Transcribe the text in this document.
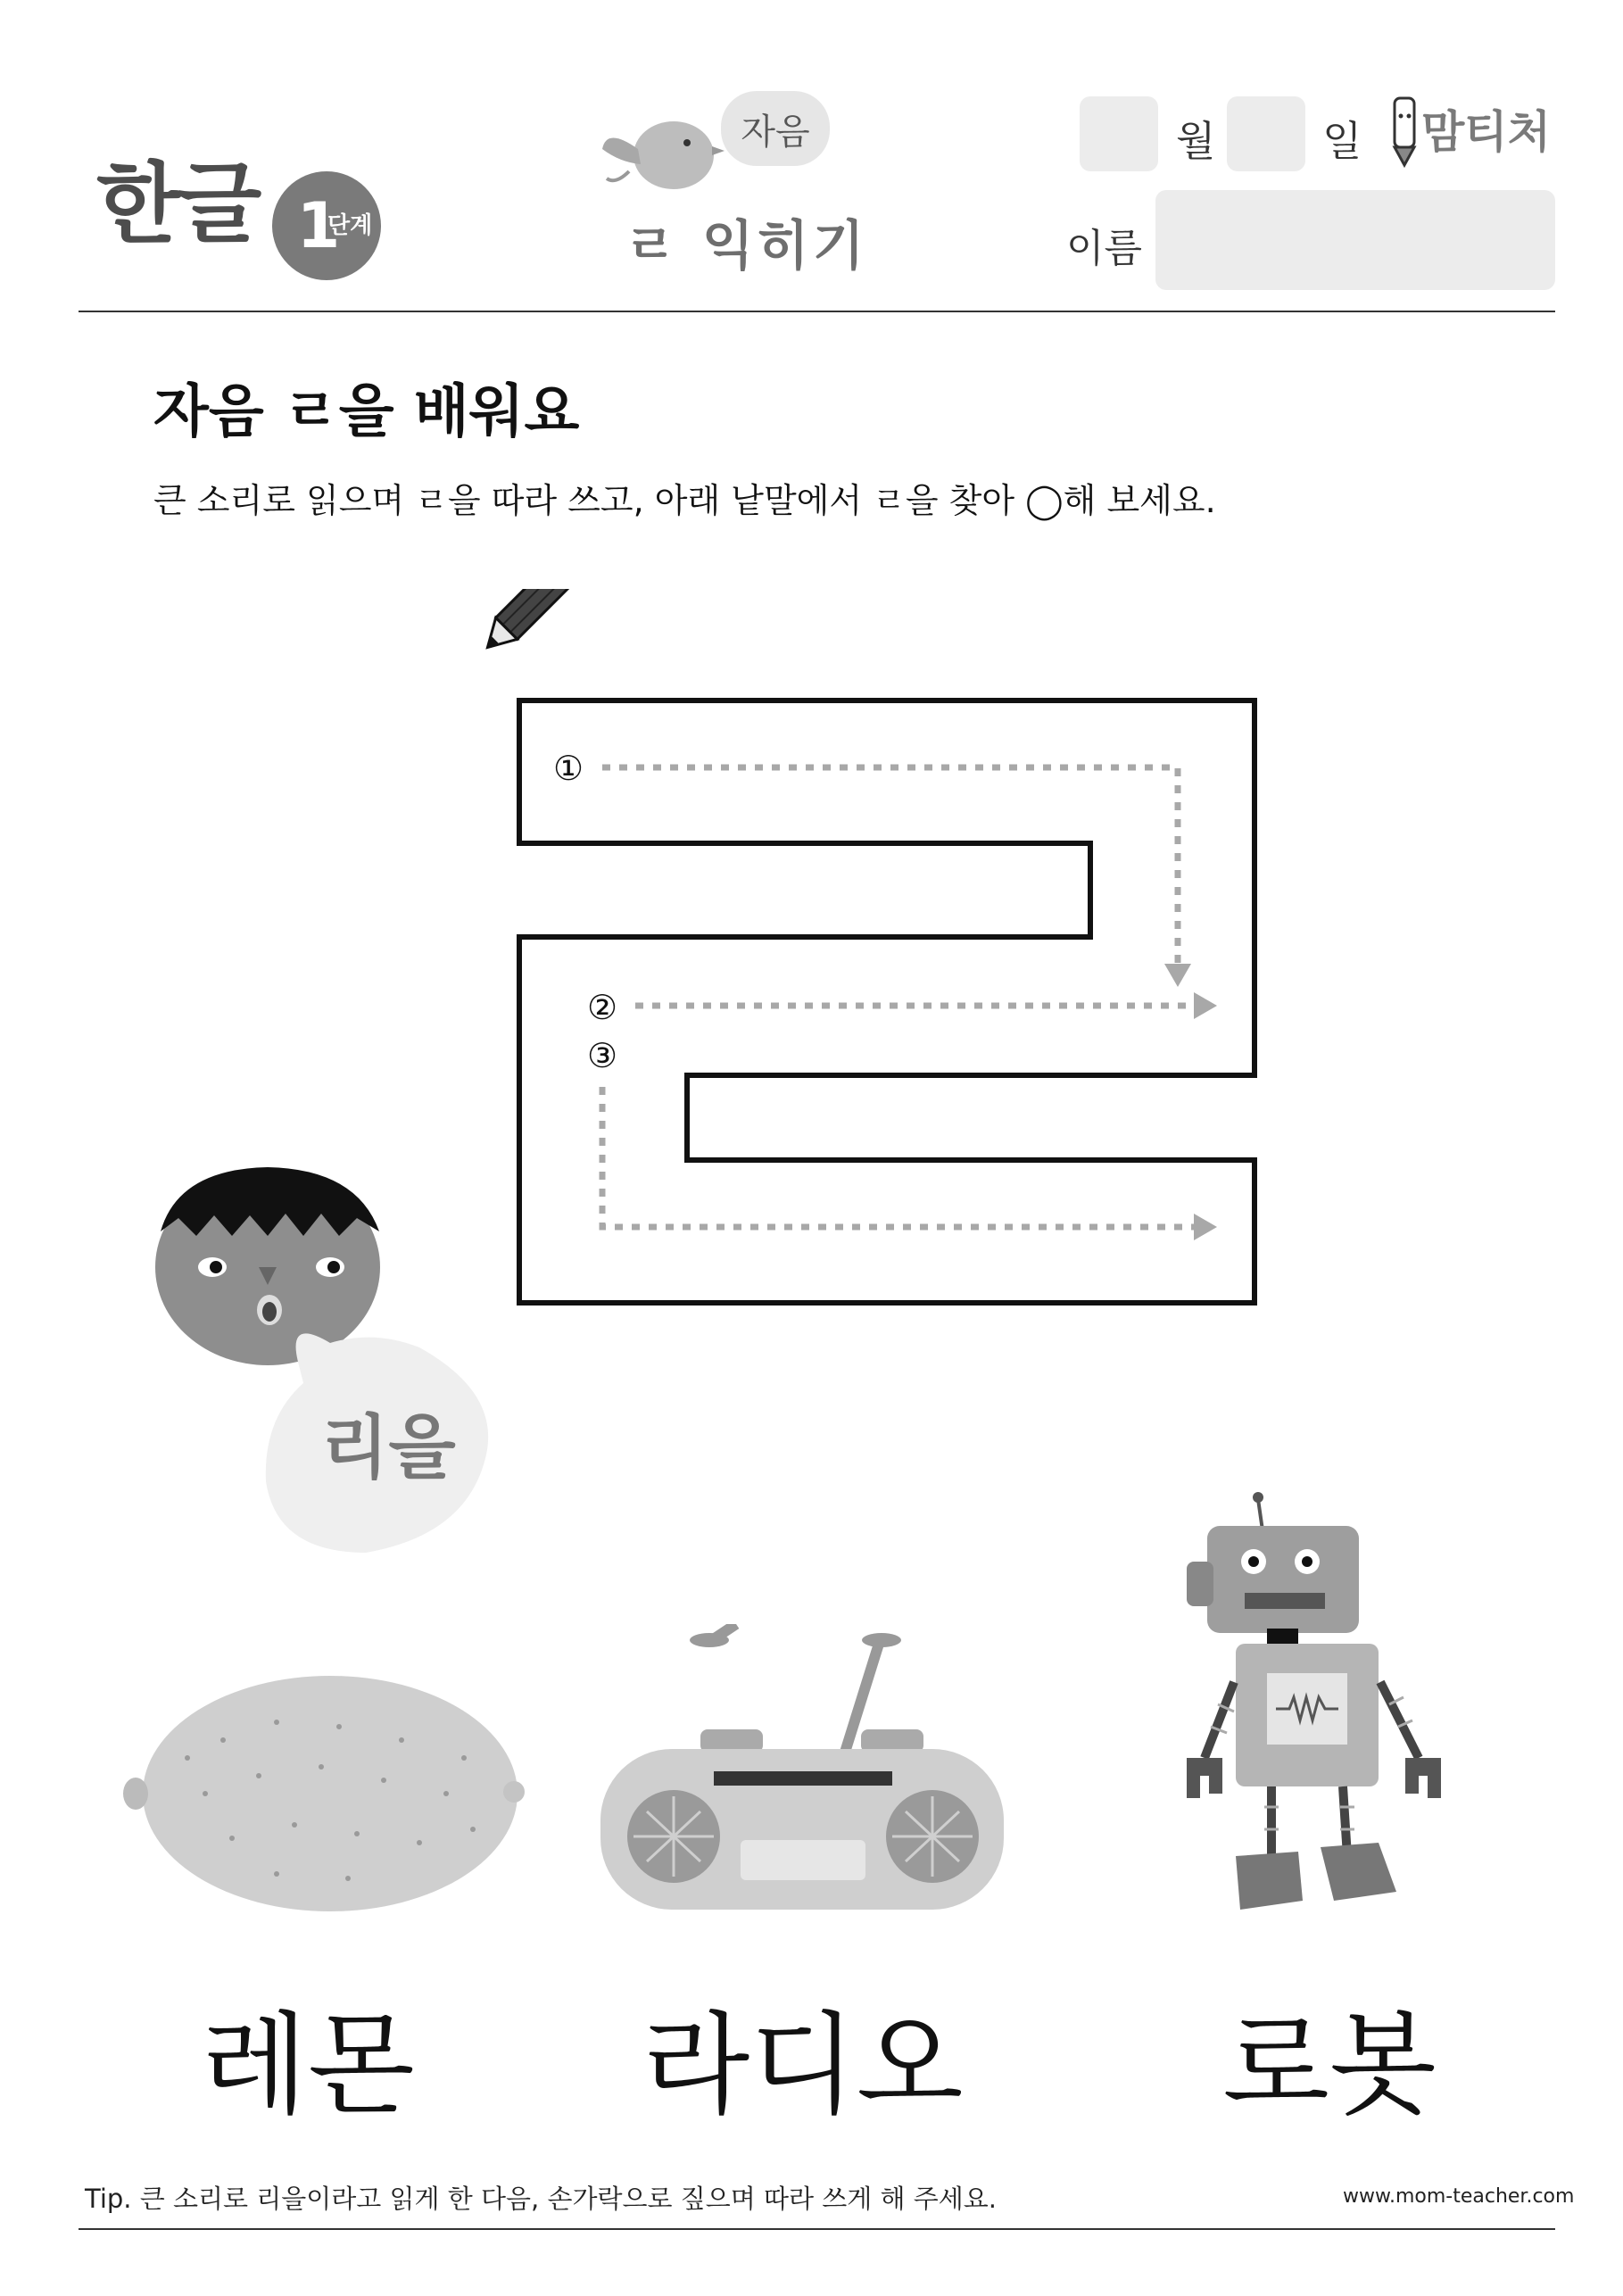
한글 1
단계
자음
ㄹ 익히기
월	일 맘티처
이름
자음 ㄹ을 배워요
큰 소리로 읽으며 ㄹ을 따라 쓰고, 아래 낱말에서 ㄹ을 찾아 ◯해 보세요.
①
②
③
리을
레몬 라디오 로봇
Tip. 큰 소리로 리을이라고 읽게 한 다음, 손가락으로 짚으며 따라 쓰게 해 주세요.	www.mom-teacher.com
